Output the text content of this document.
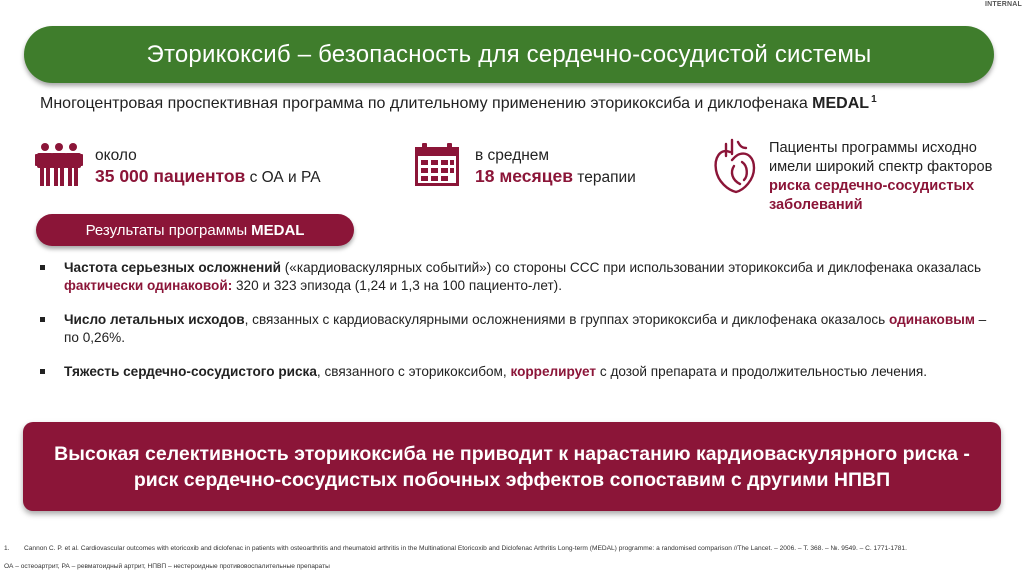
INTERNAL
Эторикоксиб – безопасность для сердечно-сосудистой системы
Многоцентровая проспективная программа по длительному применению эторикоксиба и диклофенака MEDAL $^1$
около
35 000 пациентов с ОА и РА
в среднем
18 месяцев терапии
Пациенты программы исходно
имели широкий спектр факторов
риска сердечно-сосудистых
заболеваний
Результаты программы MEDAL
Частота серьезных осложнений («кардиоваскулярных событий») со стороны ССС при использовании эторикоксиба и диклофенака оказалась фактически одинаковой: 320 и 323 эпизода (1,24 и 1,3 на 100 пациенто-лет).
Число летальных исходов, связанных с кардиоваскулярными осложнениями в группах эторикоксиба и диклофенака оказалось одинаковым – по 0,26%.
Тяжесть сердечно-сосудистого риска, связанного с эторикоксибом, коррелирует с дозой препарата и продолжительностью лечения.
Высокая селективность эторикоксиба не приводит к нарастанию кардиоваскулярного риска - риск сердечно-сосудистых побочных эффектов сопоставим с другими НПВП
1. Cannon C. P. et al. Cardiovascular outcomes with etoricoxib and diclofenac in patients with osteoarthritis and rheumatoid arthritis in the Multinational Etoricoxib and Diclofenac Arthritis Long-term (MEDAL) programme: a randomised comparison //The Lancet. – 2006. – Т. 368. – №. 9549. – С. 1771-1781.
ОА – остеоартрит, РА – ревматоидный артрит, НПВП – нестероидные противовоспалительные препараты
